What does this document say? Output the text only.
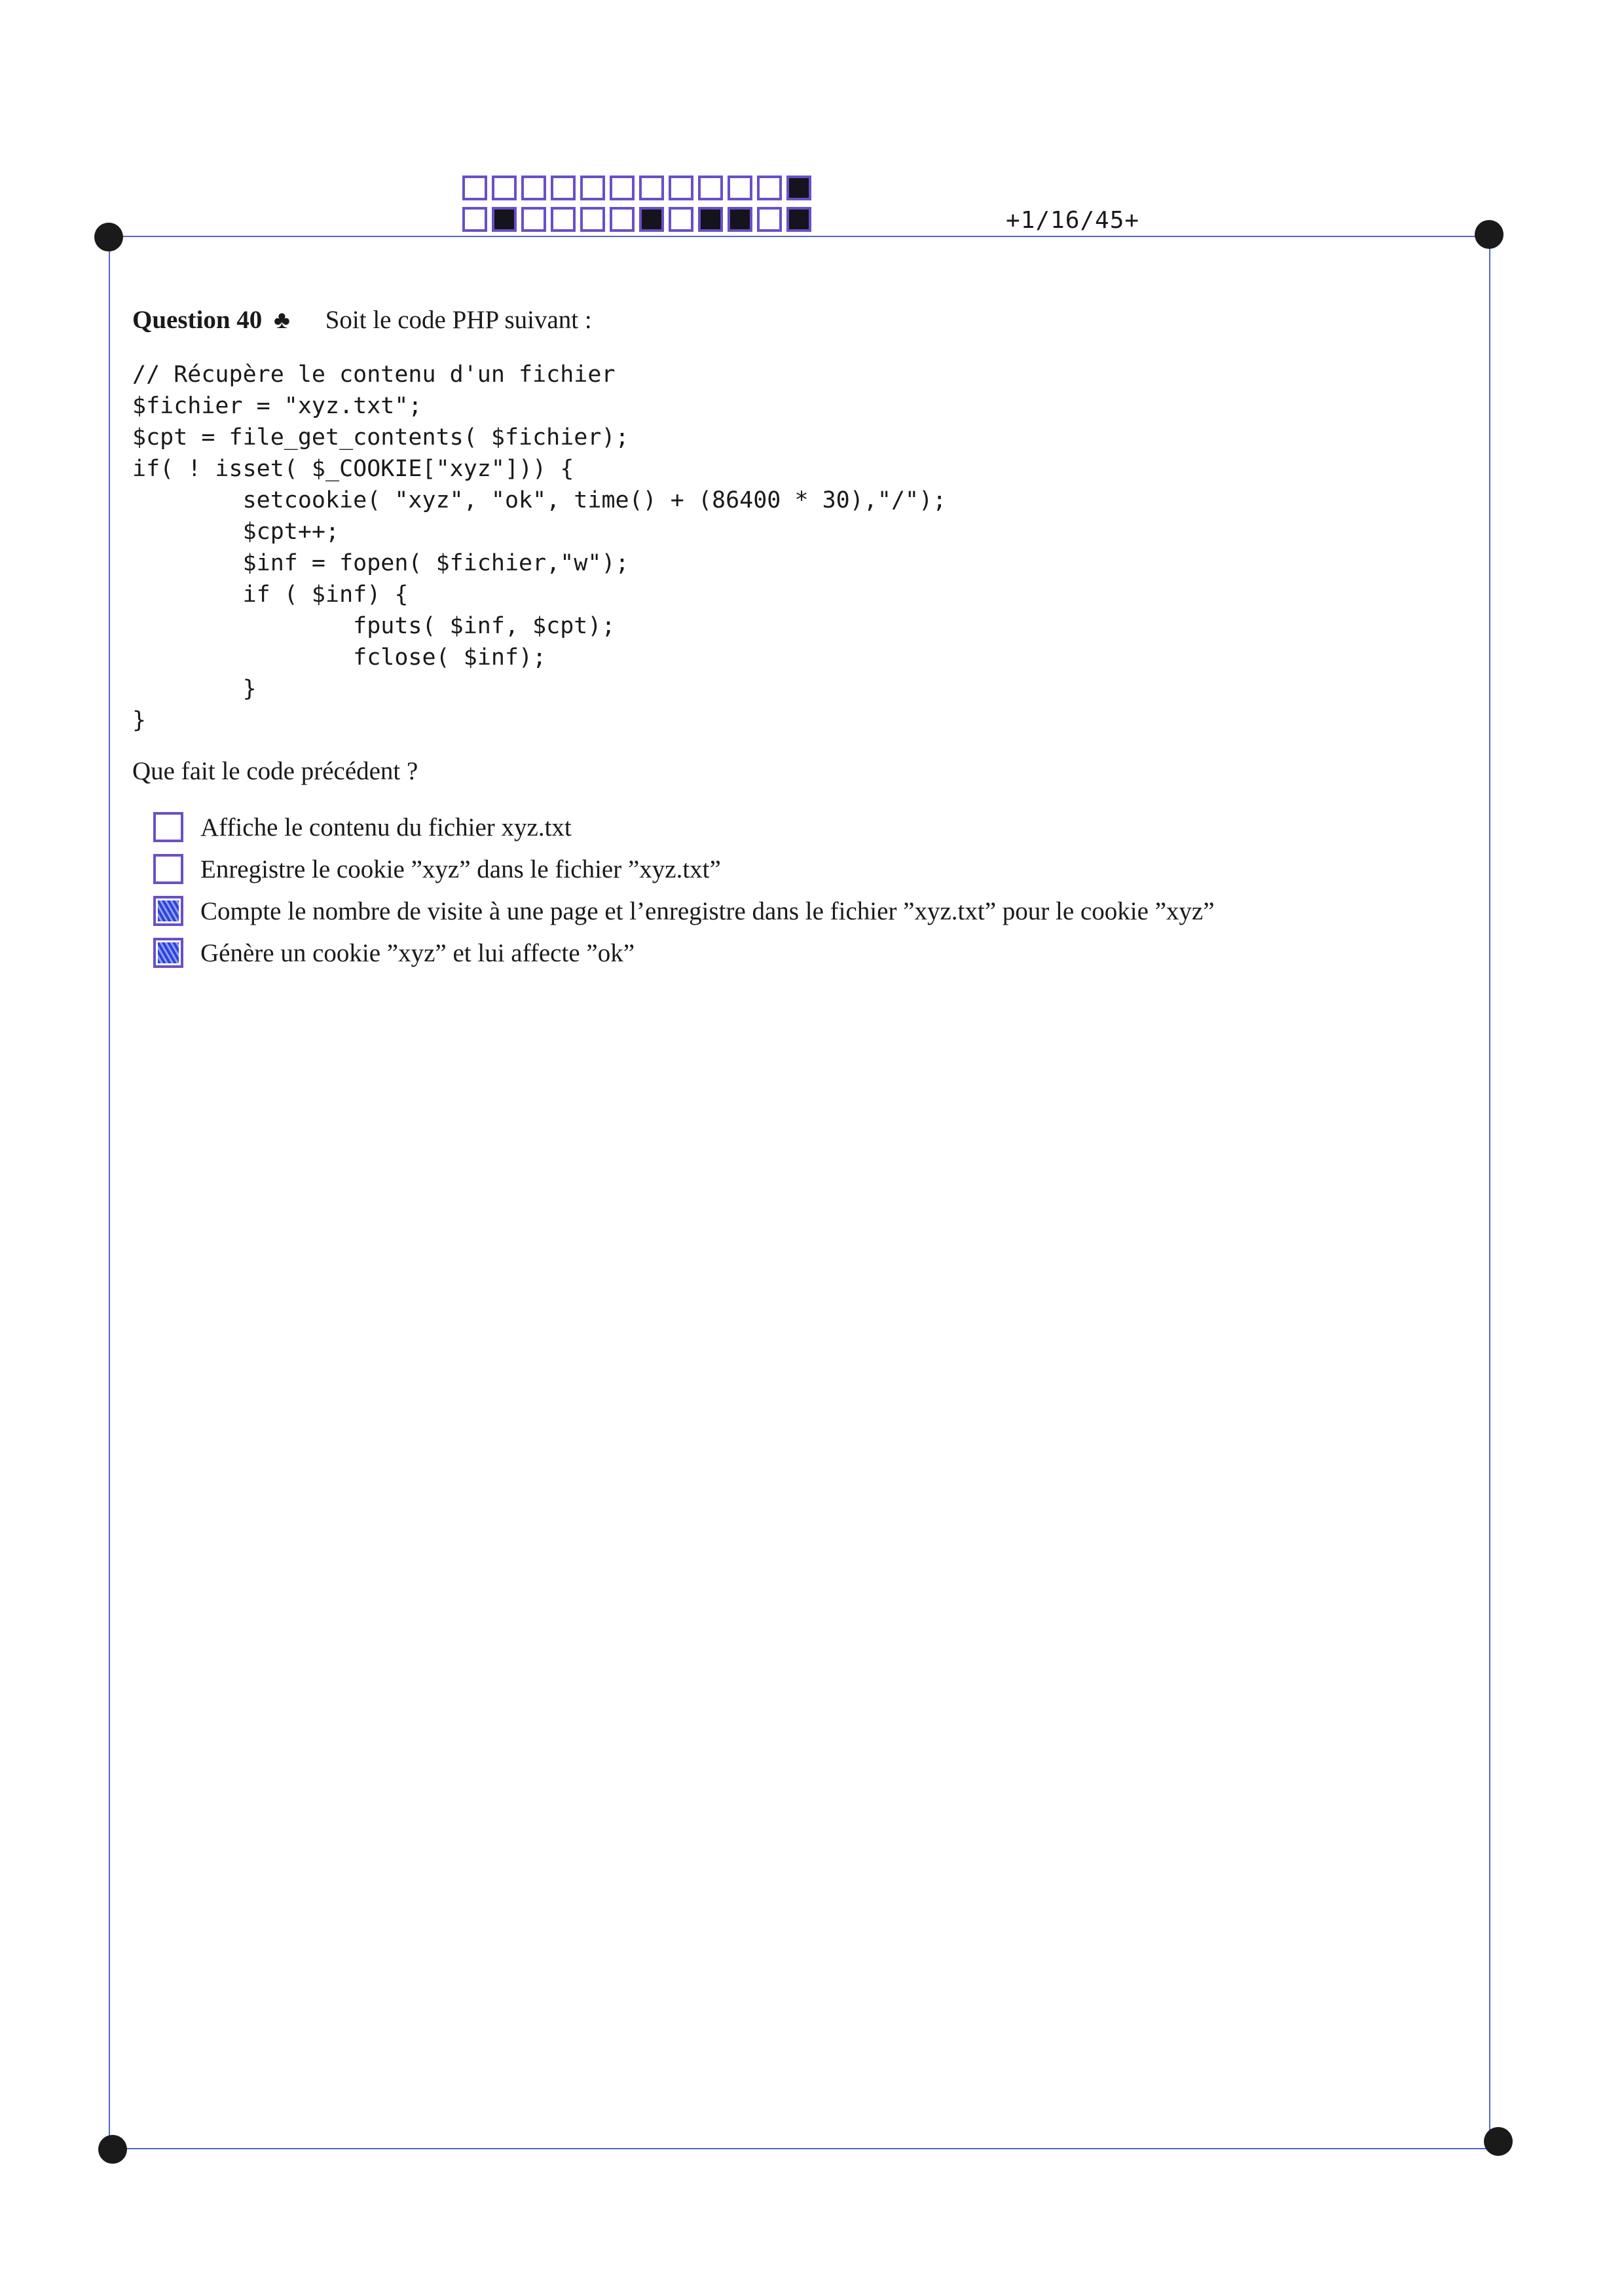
+1/16/45+
Question 40 ♣ Soit le code PHP suivant :
// Récupère le contenu d'un fichier
$fichier = "xyz.txt";
$cpt = file_get_contents( $fichier);
if( ! isset( $_COOKIE["xyz"])) {
setcookie( "xyz", "ok", time() + (86400 * 30),"/");
$cpt++;
$inf = fopen( $fichier,"w");
if ( $inf) {
fputs( $inf, $cpt);
fclose( $inf);
}
}
Que fait le code précédent ?
Affiche le contenu du fichier xyz.txt
Enregistre le cookie ”xyz” dans le fichier ”xyz.txt”
Compte le nombre de visite à une page et l’enregistre dans le fichier ”xyz.txt” pour le cookie ”xyz”
Génère un cookie ”xyz” et lui affecte ”ok”
